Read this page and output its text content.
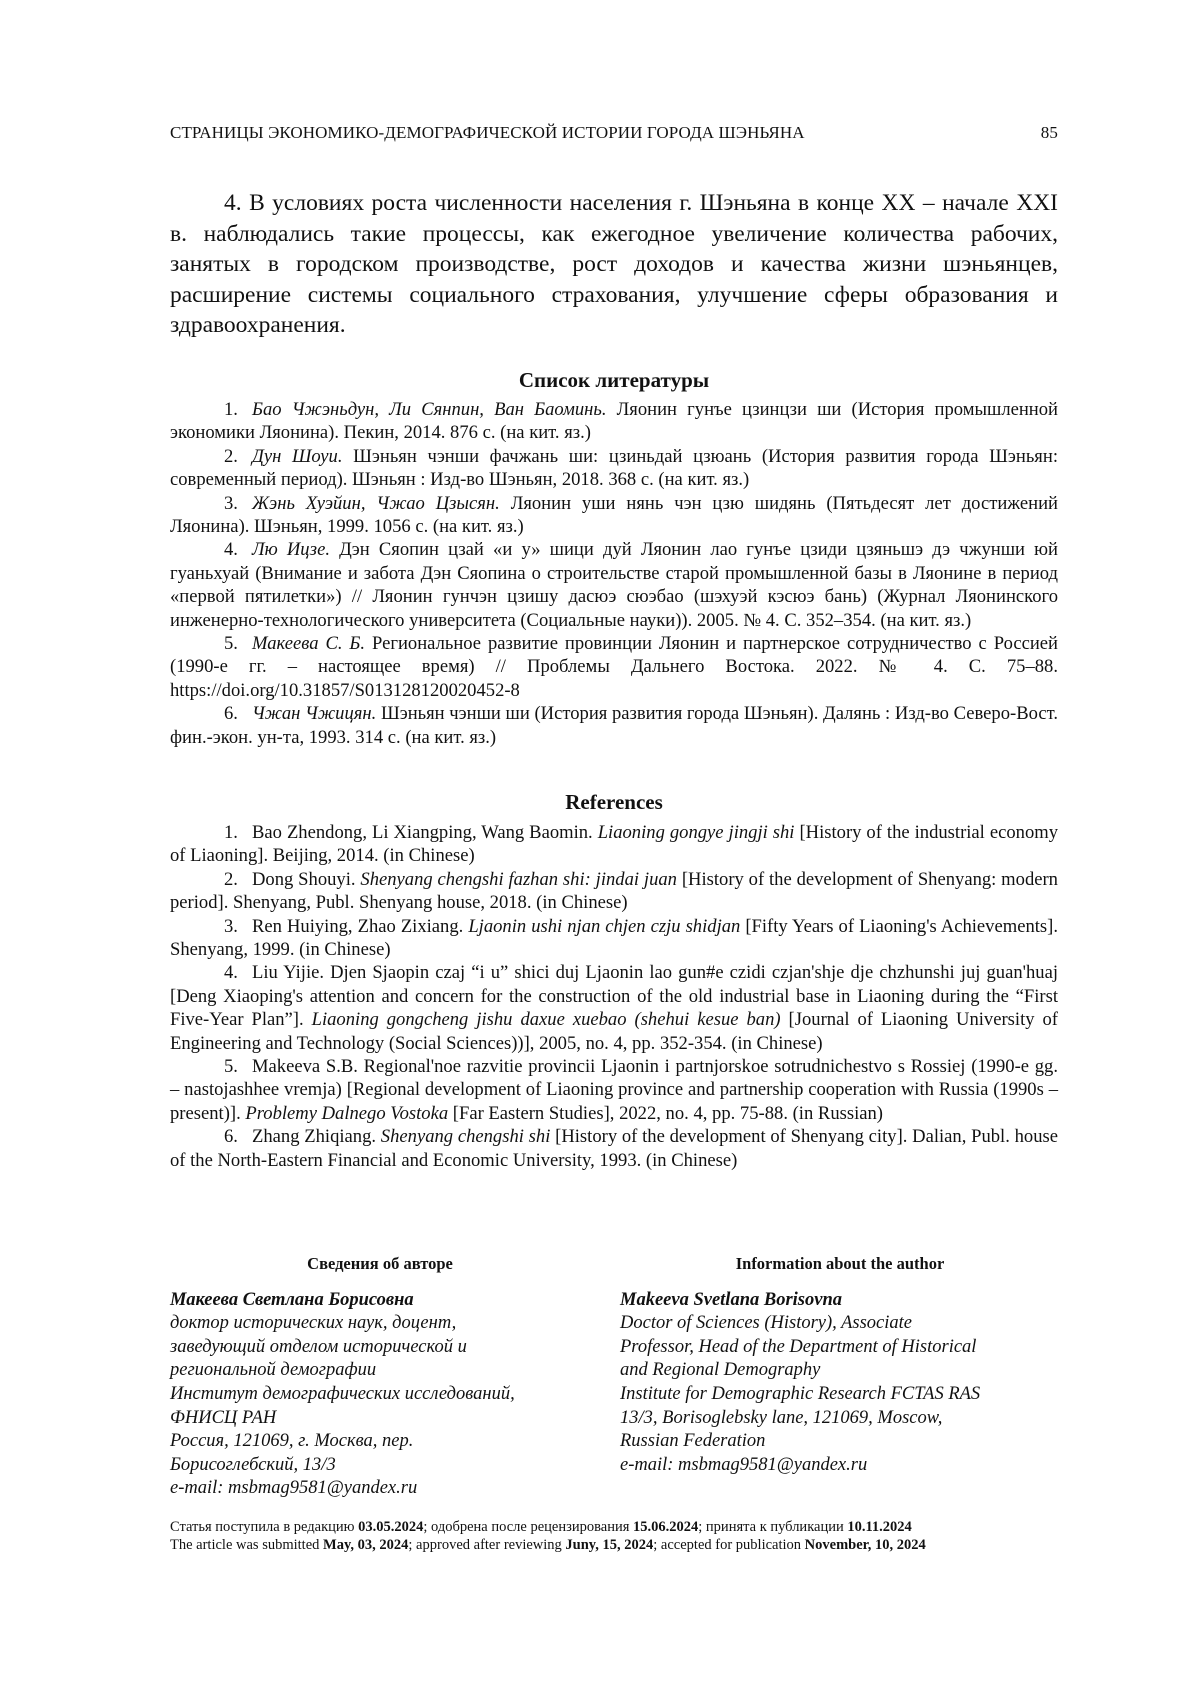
СТРАНИЦЫ ЭКОНОМИКО-ДЕМОГРАФИЧЕСКОЙ ИСТОРИИ ГОРОДА ШЭНЬЯНА	85

4. В условиях роста численности населения г. Шэньяна в конце XX – начале XXI в. наблюдались такие процессы, как ежегодное увеличение количества рабочих, занятых в городском производстве, рост доходов и качества жизни шэньянцев, расширение системы социального страхования, улучшение сферы образования и здравоохранения.

Список литературы

1. Бао Чжэньдун, Ли Сянпин, Ван Баоминь. Ляонин гунъе цзинцзи ши (История промышленной экономики Ляонина). Пекин, 2014. 876 с. (на кит. яз.)

2. Дун Шоуи. Шэньян чэнши фачжань ши: цзиньдай цзюань (История развития города Шэньян: современный период). Шэньян : Изд-во Шэньян, 2018. 368 с. (на кит. яз.)

3. Жэнь Хуэйин, Чжао Цзысян. Ляонин уши нянь чэн цзю шидянь (Пятьдесят лет достижений Ляонина). Шэньян, 1999. 1056 с. (на кит. яз.)

4. Лю Ицзе. Дэн Сяопин цзай «и у» шици дуй Ляонин лао гунъе цзиди цзяньшэ дэ чжунши юй гуаньхуай (Внимание и забота Дэн Сяопина о строительстве старой промышленной базы в Ляонине в период «первой пятилетки») // Ляонин гунчэн цзишу дасюэ сюэбао (шэхуэй кэсюэ бань) (Журнал Ляонинского инженерно-технологического университета (Социальные науки)). 2005. № 4. С. 352–354. (на кит. яз.)

5. Макеева С. Б. Региональное развитие провинции Ляонин и партнерское сотрудничество с Россией (1990-е гг. – настоящее время) // Проблемы Дальнего Востока. 2022. № 4. С. 75–88. https://doi.org/10.31857/S013128120020452-8

6. Чжан Чжицян. Шэньян чэнши ши (История развития города Шэньян). Далянь : Изд-во Северо-Вост. фин.-экон. ун-та, 1993. 314 с. (на кит. яз.)

References

1. Bao Zhendong, Li Xiangping, Wang Baomin. Liaoning gongye jingji shi [History of the industrial economy of Liaoning]. Beijing, 2014. (in Chinese)

2. Dong Shouyi. Shenyang chengshi fazhan shi: jindai juan [History of the development of Shenyang: modern period]. Shenyang, Publ. Shenyang house, 2018. (in Chinese)

3. Ren Huiying, Zhao Zixiang. Ljaonin ushi njan chjen czju shidjan [Fifty Years of Liaoning's Achievements]. Shenyang, 1999. (in Chinese)

4. Liu Yijie. Djen Sjaopin czaj “i u” shici duj Ljaonin lao gun#e czidi czjan'shje dje chzhunshi juj guan'huaj [Deng Xiaoping's attention and concern for the construction of the old industrial base in Liaoning during the “First Five-Year Plan”]. Liaoning gongcheng jishu daxue xuebao (shehui kesue ban) [Journal of Liaoning University of Engineering and Technology (Social Sciences))], 2005, no. 4, pp. 352-354. (in Chinese)

5. Makeeva S.B. Regional'noe razvitie provincii Ljaonin i partnjorskoe sotrudnichestvo s Rossiej (1990-e gg. – nastojashhee vremja) [Regional development of Liaoning province and partnership cooperation with Russia (1990s – present)]. Problemy Dalnego Vostoka [Far Eastern Studies], 2022, no. 4, pp. 75-88. (in Russian)

6. Zhang Zhiqiang. Shenyang chengshi shi [History of the development of Shenyang city]. Dalian, Publ. house of the North-Eastern Financial and Economic University, 1993. (in Chinese)

Сведения об авторе
Макеева Светлана Борисовна
доктор исторических наук, доцент,
заведующий отделом исторической и
региональной демографии
Институт демографических исследований,
ФНИСЦ РАН
Россия, 121069, г. Москва, пер.
Борисоглебский, 13/3
e-mail: msbmag9581@yandex.ru
Information about the author
Makeeva Svetlana Borisovna
Doctor of Sciences (History), Associate
Professor, Head of the Department of Historical
and Regional Demography
Institute for Demographic Research FCTAS RAS
13/3, Borisoglebsky lane, 121069, Moscow,
Russian Federation
e-mail: msbmag9581@yandex.ru
Статья поступила в редакцию 03.05.2024; одобрена после рецензирования 15.06.2024; принята к публикации 10.11.2024
The article was submitted May, 03, 2024; approved after reviewing Juny, 15, 2024; accepted for publication November, 10, 2024
